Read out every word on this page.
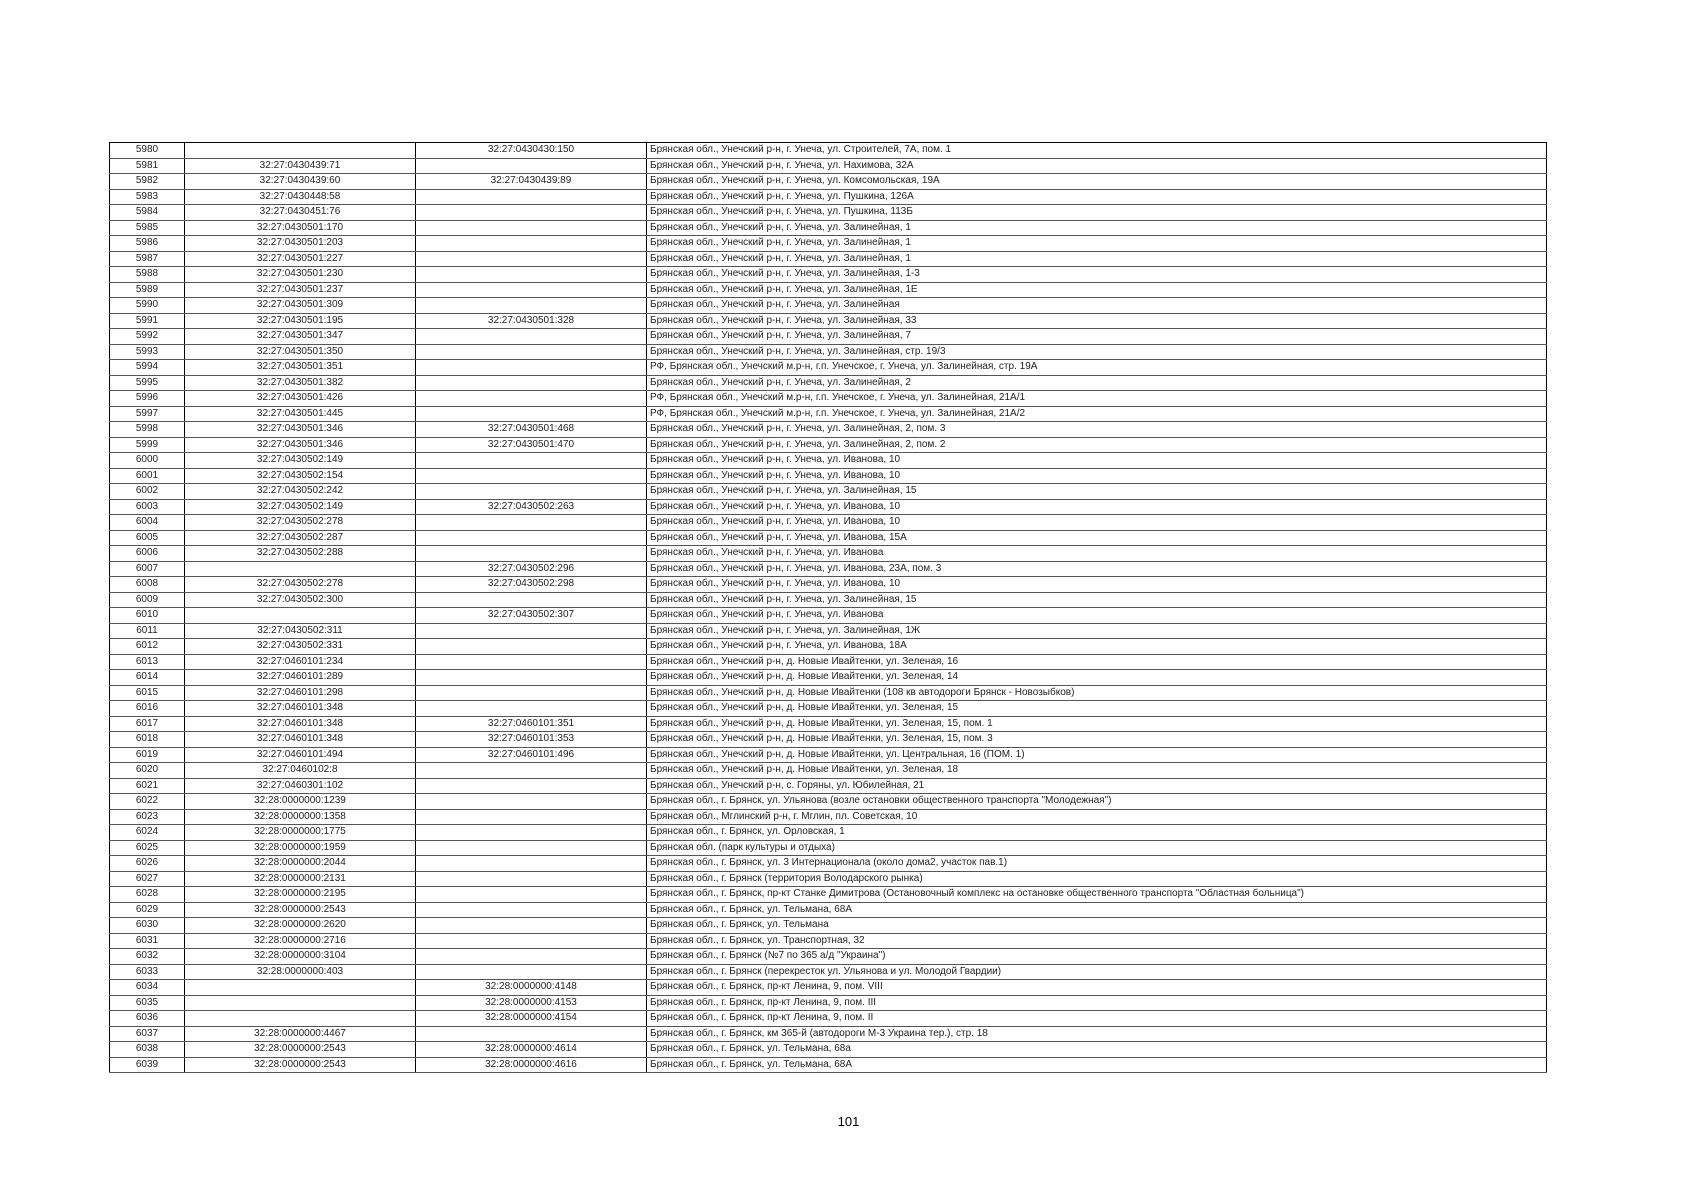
5980		32:27:0430430:150	Брянская обл., Унечский р-н, г. Унеча, ул. Строителей, 7А, пом. 1
5981	32:27:0430439:71		Брянская обл., Унечский р-н, г. Унеча, ул. Нахимова, 32А
5982	32:27:0430439:60	32:27:0430439:89	Брянская обл., Унечский р-н, г. Унеча, ул. Комсомольская, 19А
5983	32:27:0430448:58		Брянская обл., Унечский р-н, г. Унеча, ул. Пушкина, 126А
5984	32:27:0430451:76		Брянская обл., Унечский р-н, г. Унеча, ул. Пушкина, 113Б
5985	32:27:0430501:170		Брянская обл., Унечский р-н, г. Унеча, ул. Залинейная, 1
5986	32:27:0430501:203		Брянская обл., Унечский р-н, г. Унеча, ул. Залинейная, 1
5987	32:27:0430501:227		Брянская обл., Унечский р-н, г. Унеча, ул. Залинейная, 1
5988	32:27:0430501:230		Брянская обл., Унечский р-н, г. Унеча, ул. Залинейная, 1-3
5989	32:27:0430501:237		Брянская обл., Унечский р-н, г. Унеча, ул. Залинейная, 1Е
5990	32:27:0430501:309		Брянская обл., Унечский р-н, г. Унеча, ул. Залинейная
5991	32:27:0430501:195	32:27:0430501:328	Брянская обл., Унечский р-н, г. Унеча, ул. Залинейная, 33
5992	32:27:0430501:347		Брянская обл., Унечский р-н, г. Унеча, ул. Залинейная, 7
5993	32:27:0430501:350		Брянская обл., Унечский р-н, г. Унеча, ул. Залинейная, стр. 19/3
5994	32:27:0430501:351		РФ, Брянская обл., Унечский м.р-н, г.п. Унечское, г. Унеча, ул. Залинейная, стр. 19А
5995	32:27:0430501:382		Брянская обл., Унечский р-н, г. Унеча, ул. Залинейная, 2
5996	32:27:0430501:426		РФ, Брянская обл., Унечский м.р-н, г.п. Унечское, г. Унеча, ул. Залинейная, 21А/1
5997	32:27:0430501:445		РФ, Брянская обл., Унечский м.р-н, г.п. Унечское, г. Унеча, ул. Залинейная, 21А/2
5998	32:27:0430501:346	32:27:0430501:468	Брянская обл., Унечский р-н, г. Унеча, ул. Залинейная, 2, пом. 3
5999	32:27:0430501:346	32:27:0430501:470	Брянская обл., Унечский р-н, г. Унеча, ул. Залинейная, 2, пом. 2
6000	32:27:0430502:149		Брянская обл., Унечский р-н, г. Унеча, ул. Иванова, 10
6001	32:27:0430502:154		Брянская обл., Унечский р-н, г. Унеча, ул. Иванова, 10
6002	32:27:0430502:242		Брянская обл., Унечский р-н, г. Унеча, ул. Залинейная, 15
6003	32:27:0430502:149	32:27:0430502:263	Брянская обл., Унечский р-н, г. Унеча, ул. Иванова, 10
6004	32:27:0430502:278		Брянская обл., Унечский р-н, г. Унеча, ул. Иванова, 10
6005	32:27:0430502:287		Брянская обл., Унечский р-н, г. Унеча, ул. Иванова, 15А
6006	32:27:0430502:288		Брянская обл., Унечский р-н, г. Унеча, ул. Иванова
6007		32:27:0430502:296	Брянская обл., Унечский р-н, г. Унеча, ул. Иванова, 23А, пом. 3
6008	32:27:0430502:278	32:27:0430502:298	Брянская обл., Унечский р-н, г. Унеча, ул. Иванова, 10
6009	32:27:0430502:300		Брянская обл., Унечский р-н, г. Унеча, ул. Залинейная, 15
6010		32:27:0430502:307	Брянская обл., Унечский р-н, г. Унеча, ул. Иванова
6011	32:27:0430502:311		Брянская обл., Унечский р-н, г. Унеча, ул. Залинейная, 1Ж
6012	32:27:0430502:331		Брянская обл., Унечский р-н, г. Унеча, ул. Иванова, 18А
6013	32:27:0460101:234		Брянская обл., Унечский р-н, д. Новые Ивайтенки, ул. Зеленая, 16
6014	32:27:0460101:289		Брянская обл., Унечский р-н, д. Новые Ивайтенки, ул. Зеленая, 14
6015	32:27:0460101:298		Брянская обл., Унечский р-н, д. Новые Ивайтенки (108 кв автодороги Брянск - Новозыбков)
6016	32:27:0460101:348		Брянская обл., Унечский р-н, д. Новые Ивайтенки, ул. Зеленая, 15
6017	32:27:0460101:348	32:27:0460101:351	Брянская обл., Унечский р-н, д. Новые Ивайтенки, ул. Зеленая, 15, пом. 1
6018	32:27:0460101:348	32:27:0460101:353	Брянская обл., Унечский р-н, д. Новые Ивайтенки, ул. Зеленая, 15, пом. 3
6019	32:27:0460101:494	32:27:0460101:496	Брянская обл., Унечский р-н, д. Новые Ивайтенки, ул. Центральная, 16 (ПОМ. 1)
6020	32:27:0460102:8		Брянская обл., Унечский р-н, д. Новые Ивайтенки, ул. Зеленая, 18
6021	32:27:0460301:102		Брянская обл., Унечский р-н, с. Горяны, ул. Юбилейная, 21
6022	32:28:0000000:1239		Брянская обл., г. Брянск, ул. Ульянова (возле остановки общественного транспорта "Молодежная")
6023	32:28:0000000:1358		Брянская обл., Мглинский р-н, г. Мглин, пл. Советская, 10
6024	32:28:0000000:1775		Брянская обл., г. Брянск, ул. Орловская, 1
6025	32:28:0000000:1959		Брянская обл. (парк культуры и отдыха)
6026	32:28:0000000:2044		Брянская обл., г. Брянск, ул. 3 Интернационала (около дома2, участок пав.1)
6027	32:28:0000000:2131		Брянская обл., г. Брянск (территория Володарского рынка)
6028	32:28:0000000:2195		Брянская обл., г. Брянск, пр-кт Станке Димитрова (Остановочный комплекс на остановке общественного транспорта "Областная больница")
6029	32:28:0000000:2543		Брянская обл., г. Брянск, ул. Тельмана, 68А
6030	32:28:0000000:2620		Брянская обл., г. Брянск, ул. Тельмана
6031	32:28:0000000:2716		Брянская обл., г. Брянск, ул. Транспортная, 32
6032	32:28:0000000:3104		Брянская обл., г. Брянск (№7 по 365 а/д "Украина")
6033	32:28:0000000:403		Брянская обл., г. Брянск (перекресток ул. Ульянова и ул. Молодой Гвардии)
6034		32:28:0000000:4148	Брянская обл., г. Брянск, пр-кт Ленина, 9, пом. VIII
6035		32:28:0000000:4153	Брянская обл., г. Брянск, пр-кт Ленина, 9, пом. III
6036		32:28:0000000:4154	Брянская обл., г. Брянск, пр-кт Ленина, 9, пом. II
6037	32:28:0000000:4467		Брянская обл., г. Брянск, км 365-й (автодороги М-3 Украина тер.), стр. 18
6038	32:28:0000000:2543	32:28:0000000:4614	Брянская обл., г. Брянск, ул. Тельмана, 68а
6039	32:28:0000000:2543	32:28:0000000:4616	Брянская обл., г. Брянск, ул. Тельмана, 68А
101
